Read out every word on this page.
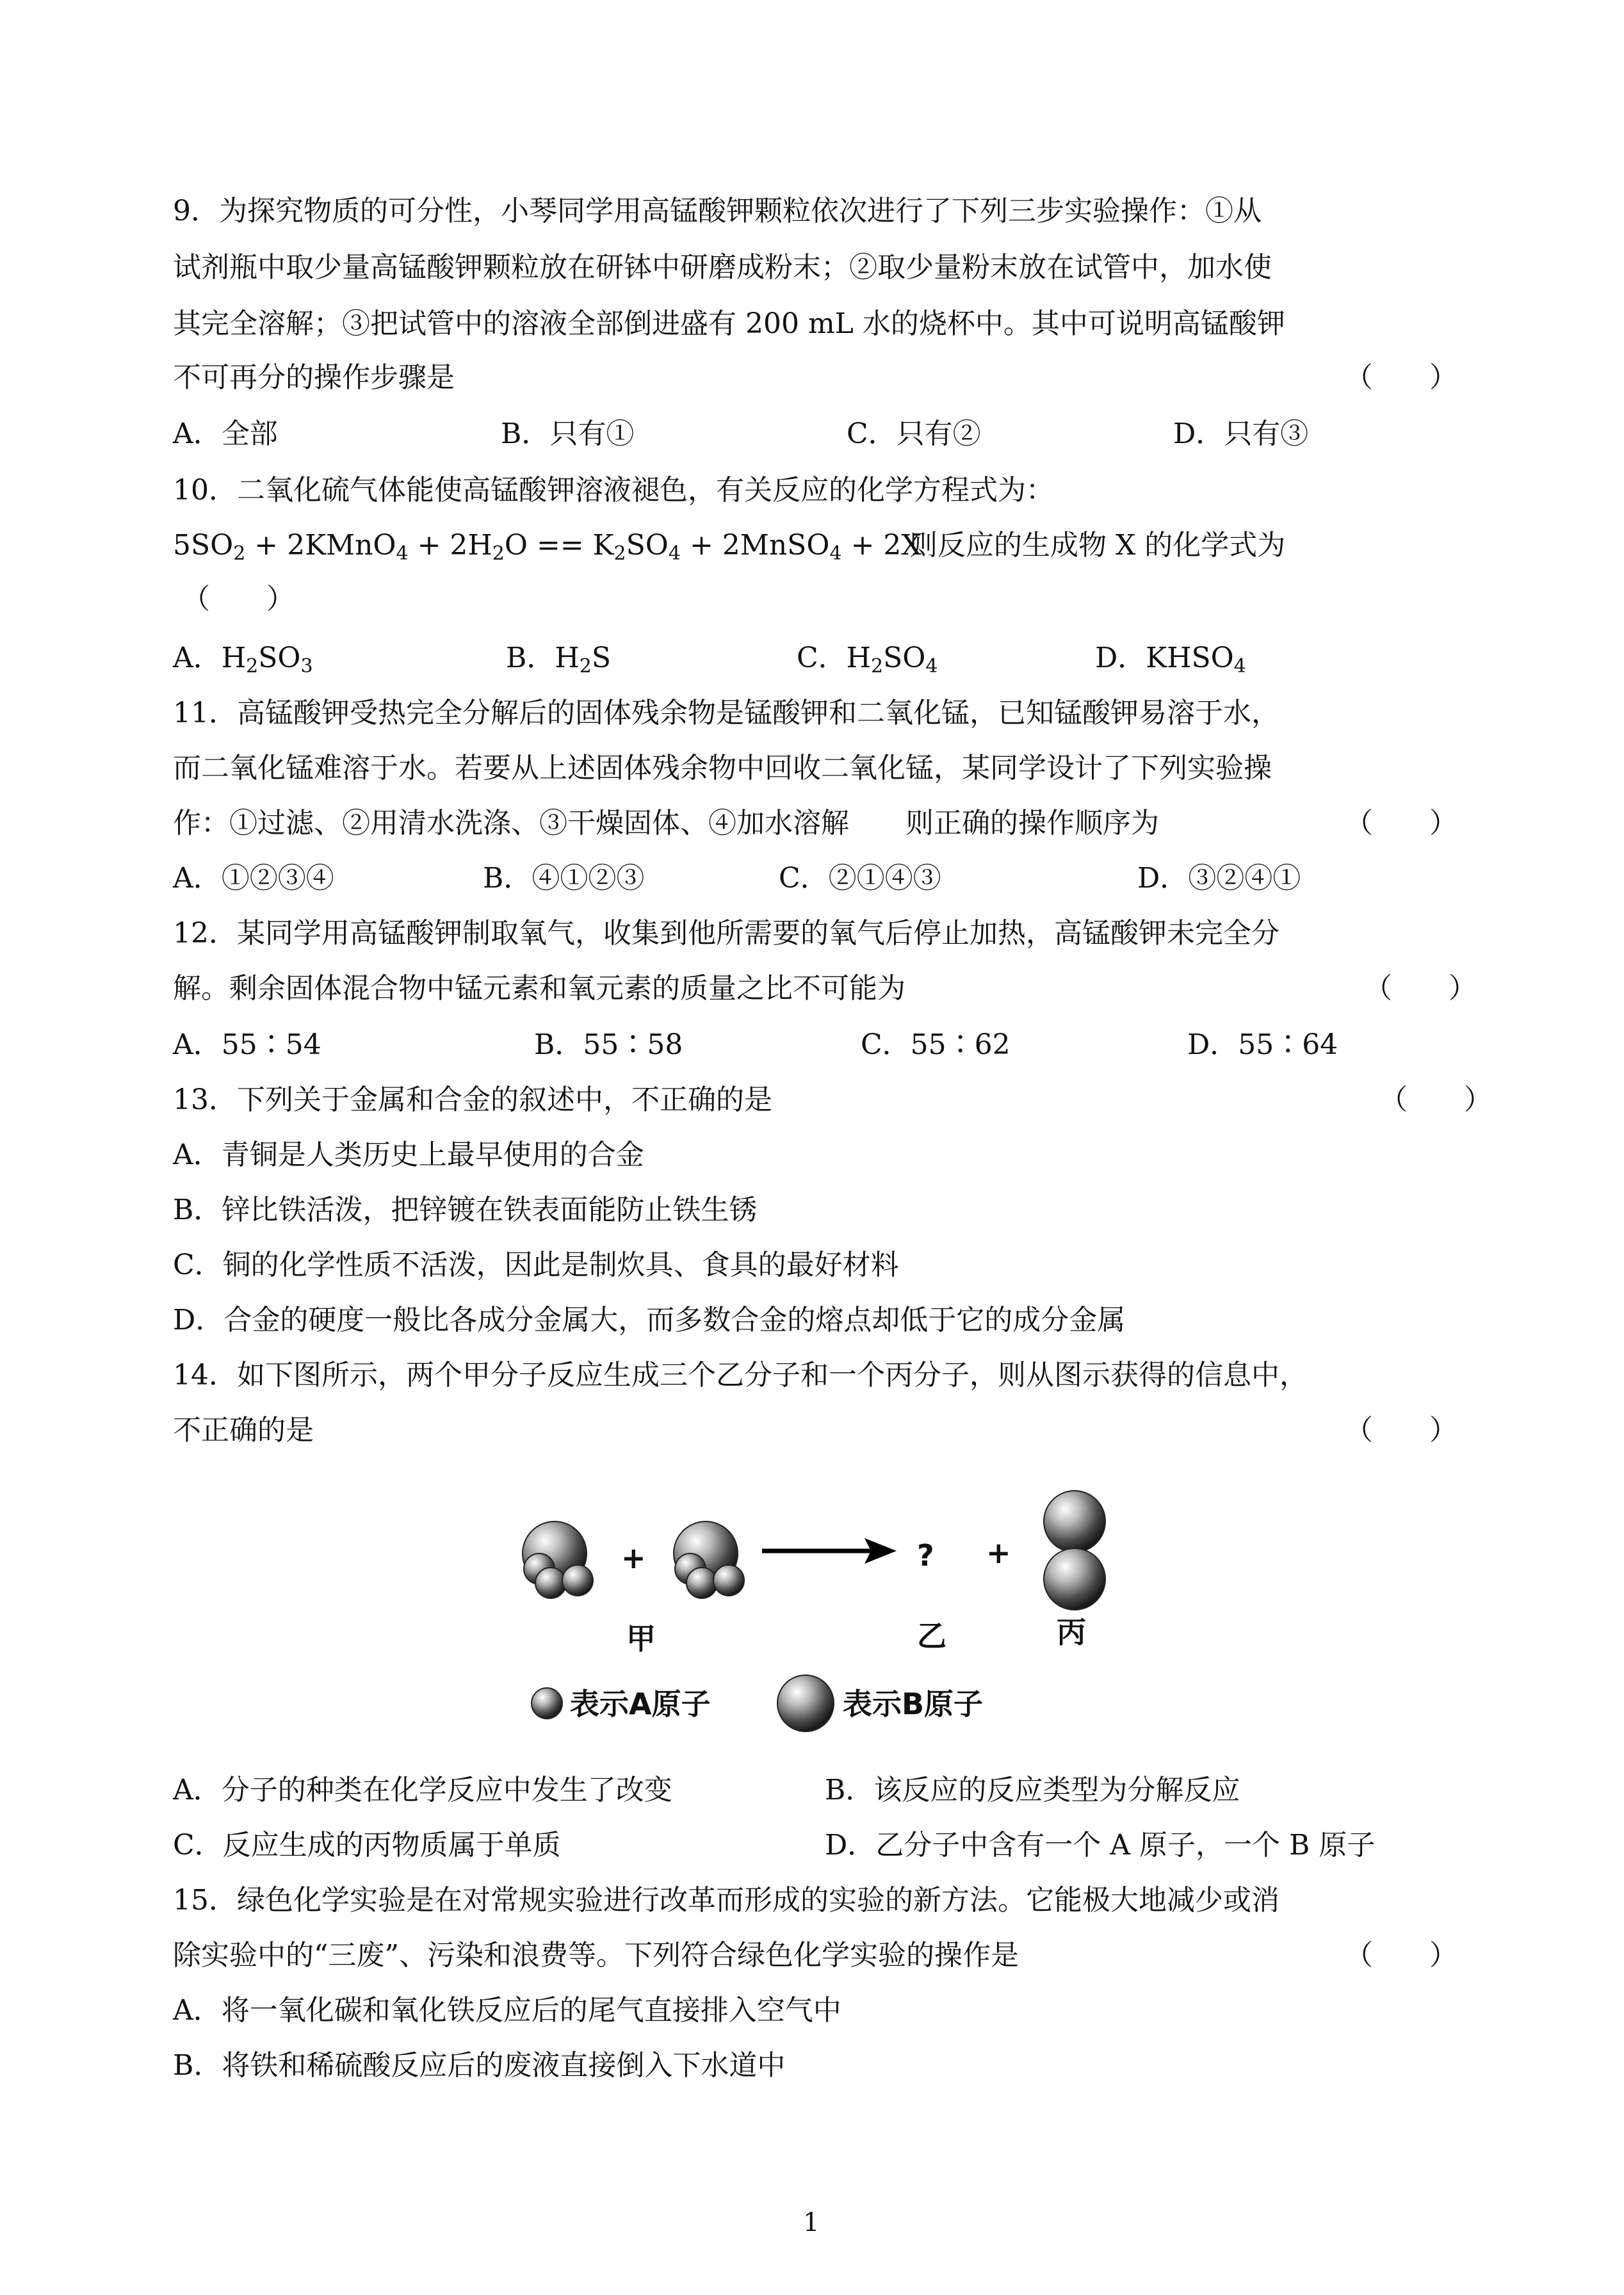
9．为探究物质的可分性，小琴同学用高锰酸钾颗粒依次进行了下列三步实验操作：①从
试剂瓶中取少量高锰酸钾颗粒放在研钵中研磨成粉末；②取少量粉末放在试管中，加水使
其完全溶解；③把试管中的溶液全部倒进盛有 200 mL 水的烧杯中。其中可说明高锰酸钾
不可再分的操作步骤是	（　　）
A．全部	B．只有①	C．只有②	D．只有③
10．二氧化硫气体能使高锰酸钾溶液褪色，有关反应的化学方程式为：
$5SO_2$ + 2KMnO$_4$ + $2H_2O == K_2SO_4$ + 2MnSO$_4$ + 2X
则反应的生成物 X 的化学式为
（　　）
A．$H_2SO_3$	B．$H_2S$	C．$H_2SO_4$	D．$KHSO_4$
11．高锰酸钾受热完全分解后的固体残余物是锰酸钾和二氧化锰，已知锰酸钾易溶于水，
而二氧化锰难溶于水。若要从上述固体残余物中回收二氧化锰，某同学设计了下列实验操
作：①过滤、②用清水洗涤、③干燥固体、④加水溶解　　则正确的操作顺序为	（　　）
A．①②③④	B．④①②③	C．②①④③	D．③②④①
12．某同学用高锰酸钾制取氧气，收集到他所需要的氧气后停止加热，高锰酸钾未完全分
解。剩余固体混合物中锰元素和氧元素的质量之比不可能为	（　　）
A．55∶54	B．55∶58	C．55∶62	D．55∶64
13．下列关于金属和合金的叙述中，不正确的是	（　　）
A．青铜是人类历史上最早使用的合金
B．锌比铁活泼，把锌镀在铁表面能防止铁生锈
C．铜的化学性质不活泼，因此是制炊具、食具的最好材料
D．合金的硬度一般比各成分金属大，而多数合金的熔点却低于它的成分金属
14．如下图所示，两个甲分子反应生成三个乙分子和一个丙分子，则从图示获得的信息中，
不正确的是	（　　）
+	? +
甲	乙	丙
表示A原子	表示B原子
A．分子的种类在化学反应中发生了改变	B．该反应的反应类型为分解反应
C．反应生成的丙物质属于单质	D．乙分子中含有一个 A 原子，一个 B 原子
15．绿色化学实验是在对常规实验进行改革而形成的实验的新方法。它能极大地减少或消
除实验中的“三废”、污染和浪费等。下列符合绿色化学实验的操作是	（　　）
A．将一氧化碳和氧化铁反应后的尾气直接排入空气中
B．将铁和稀硫酸反应后的废液直接倒入下水道中
1
